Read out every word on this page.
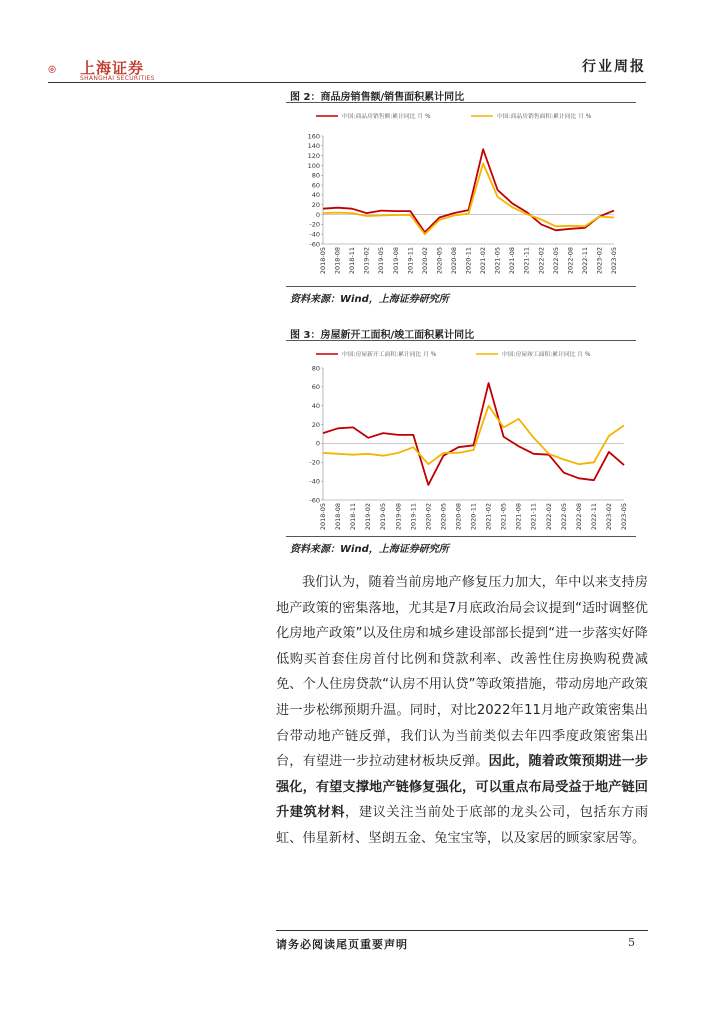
上海证券
SHANGHAI SECURITIES
行业周报
图 2：商品房销售额/销售面积累计同比
中国:商品房销售额:累计同比 月 %	中国:商品房销售面积:累计同比 月 %
160
140
120
100
80
60
40
20
0
-20
-40
-60
2018-05 2018-08 2018-11 2019-02 2019-05 2019-08 2019-11 2020-02 2020-05 2020-08 2020-11 2021-02 2021-05 2021-08 2021-11 2022-02 2022-05 2022-08 2022-11 2023-02 2023-05
资料来源：Wind，上海证券研究所
图 3：房屋新开工面积/竣工面积累计同比
中国:房屋新开工面积:累计同比 月 %	中国:房屋竣工面积:累计同比 月 %
80
60
40
20
0
-20
-40
-60
2018-05 2018-08 2018-11 2019-02 2019-05 2019-08 2019-11 2020-02 2020-05 2020-08 2020-11 2021-02 2021-05 2021-08 2021-11 2022-02 2022-05 2022-08 2022-11 2023-02 2023-05
资料来源：Wind，上海证券研究所

我们认为，随着当前房地产修复压力加大，年中以来支持房地产政策的密集落地，尤其是7月底政治局会议提到“适时调整优化房地产政策”以及住房和城乡建设部部长提到“进一步落实好降低购买首套住房首付比例和贷款利率、改善性住房换购税费减免、个人住房贷款“认房不用认贷”等政策措施，带动房地产政策进一步松绑预期升温。同时，对比2022年11月地产政策密集出台带动地产链反弹，我们认为当前类似去年四季度政策密集出台，有望进一步拉动建材板块反弹。因此，随着政策预期进一步强化，有望支撑地产链修复强化，可以重点布局受益于地产链回升建筑材料，建议关注当前处于底部的龙头公司，包括东方雨虹、伟星新材、坚朗五金、兔宝宝等，以及家居的顾家家居等。

请务必阅读尾页重要声明	5
